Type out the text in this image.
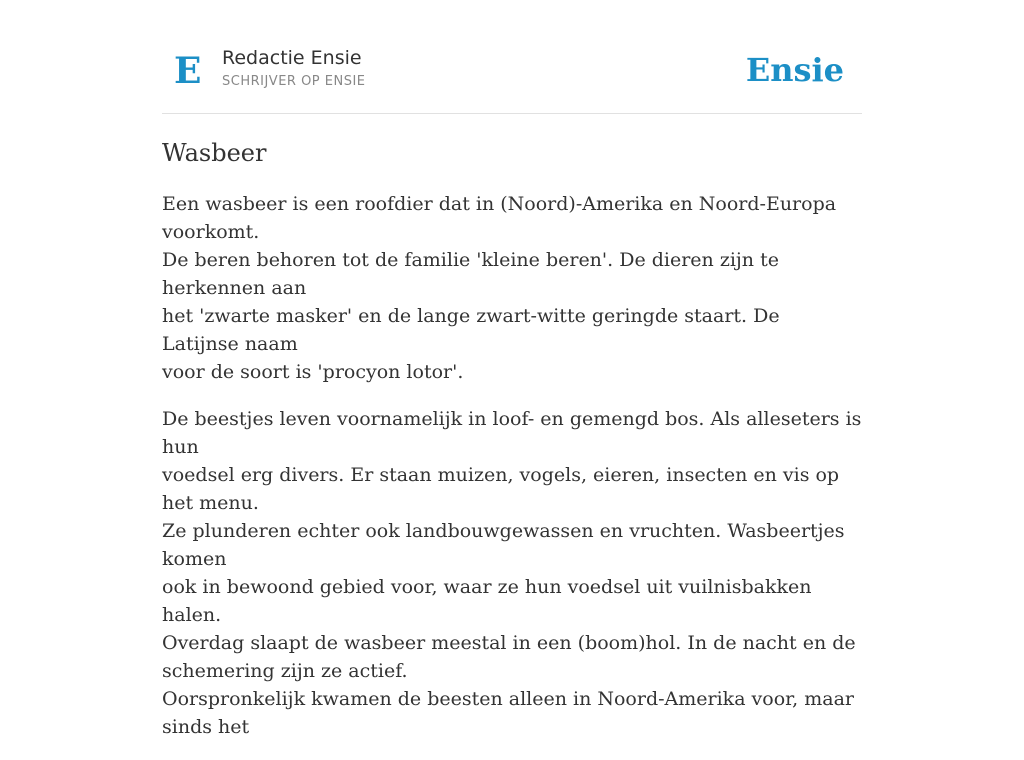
E Redactie Ensie
SCHRIJVER OP ENSIE	Ensie
Wasbeer

Een wasbeer is een roofdier dat in (Noord)-Amerika en Noord-Europa voorkomt.
De beren behoren tot de familie 'kleine beren'. De dieren zijn te herkennen aan
het 'zwarte masker' en de lange zwart-witte geringde staart. De Latijnse naam
voor de soort is 'procyon lotor'.

De beestjes leven voornamelijk in loof- en gemengd bos. Als alleseters is hun
voedsel erg divers. Er staan muizen, vogels, eieren, insecten en vis op het menu.
Ze plunderen echter ook landbouwgewassen en vruchten. Wasbeertjes komen
ook in bewoond gebied voor, waar ze hun voedsel uit vuilnisbakken halen.
Overdag slaapt de wasbeer meestal in een (boom)hol. In de nacht en de
schemering zijn ze actief.
Oorspronkelijk kwamen de beesten alleen in Noord-Amerika voor, maar sinds het
